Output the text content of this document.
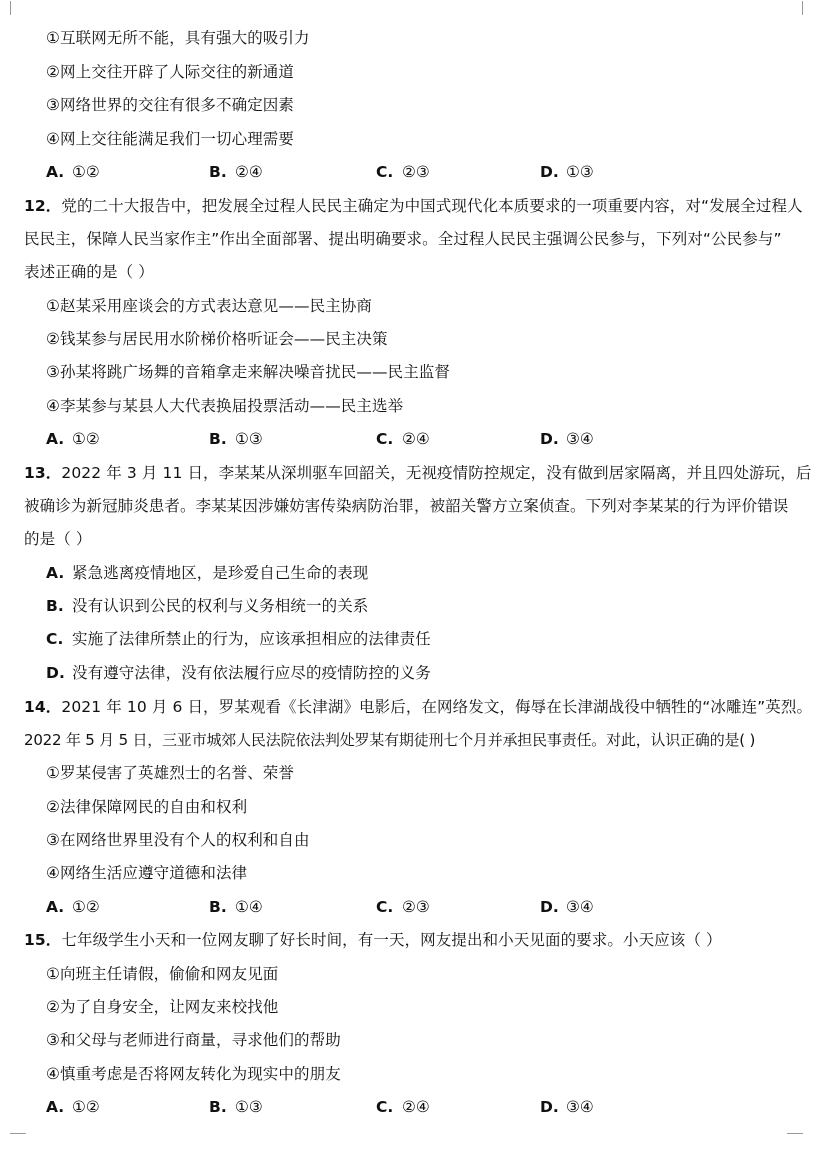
①互联网无所不能，具有强大的吸引力
②网上交往开辟了人际交往的新通道
③网络世界的交往有很多不确定因素
④网上交往能满足我们一切心理需要
A. ①②	B. ②④	C. ②③	D. ①③
12．党的二十大报告中，把发展全过程人民民主确定为中国式现代化本质要求的一项重要内容，对“发展全过程人
民民主，保障人民当家作主”作出全面部署、提出明确要求。全过程人民民主强调公民参与，下列对“公民参与”
表述正确的是（ ）
①赵某采用座谈会的方式表达意见——民主协商
②钱某参与居民用水阶梯价格听证会——民主决策
③孙某将跳广场舞的音箱拿走来解决噪音扰民——民主监督
④李某参与某县人大代表换届投票活动——民主选举
A. ①②	B. ①③	C. ②④	D. ③④
13．2022 年 3 月 11 日，李某某从深圳驱车回韶关，无视疫情防控规定，没有做到居家隔离，并且四处游玩，后
被确诊为新冠肺炎患者。李某某因涉嫌妨害传染病防治罪，被韶关警方立案侦查。下列对李某某的行为评价错误
的是（ ）
A. 紧急逃离疫情地区，是珍爱自己生命的表现
B. 没有认识到公民的权利与义务相统一的关系
C. 实施了法律所禁止的行为，应该承担相应的法律责任
D. 没有遵守法律，没有依法履行应尽的疫情防控的义务
14．2021 年 10 月 6 日，罗某观看《长津湖》电影后，在网络发文，侮辱在长津湖战役中牺牲的“冰雕连”英烈。
2022 年 5 月 5 日，三亚市城郊人民法院依法判处罗某有期徒刑七个月并承担民事责任。对此，认识正确的是( )
①罗某侵害了英雄烈士的名誉、荣誉
②法律保障网民的自由和权利
③在网络世界里没有个人的权利和自由
④网络生活应遵守道德和法律
A. ①②	B. ①④	C. ②③	D. ③④
15．七年级学生小天和一位网友聊了好长时间，有一天，网友提出和小天见面的要求。小天应该（ ）
①向班主任请假，偷偷和网友见面
②为了自身安全，让网友来校找他
③和父母与老师进行商量，寻求他们的帮助
④慎重考虑是否将网友转化为现实中的朋友
A. ①②	B. ①③	C. ②④	D. ③④
